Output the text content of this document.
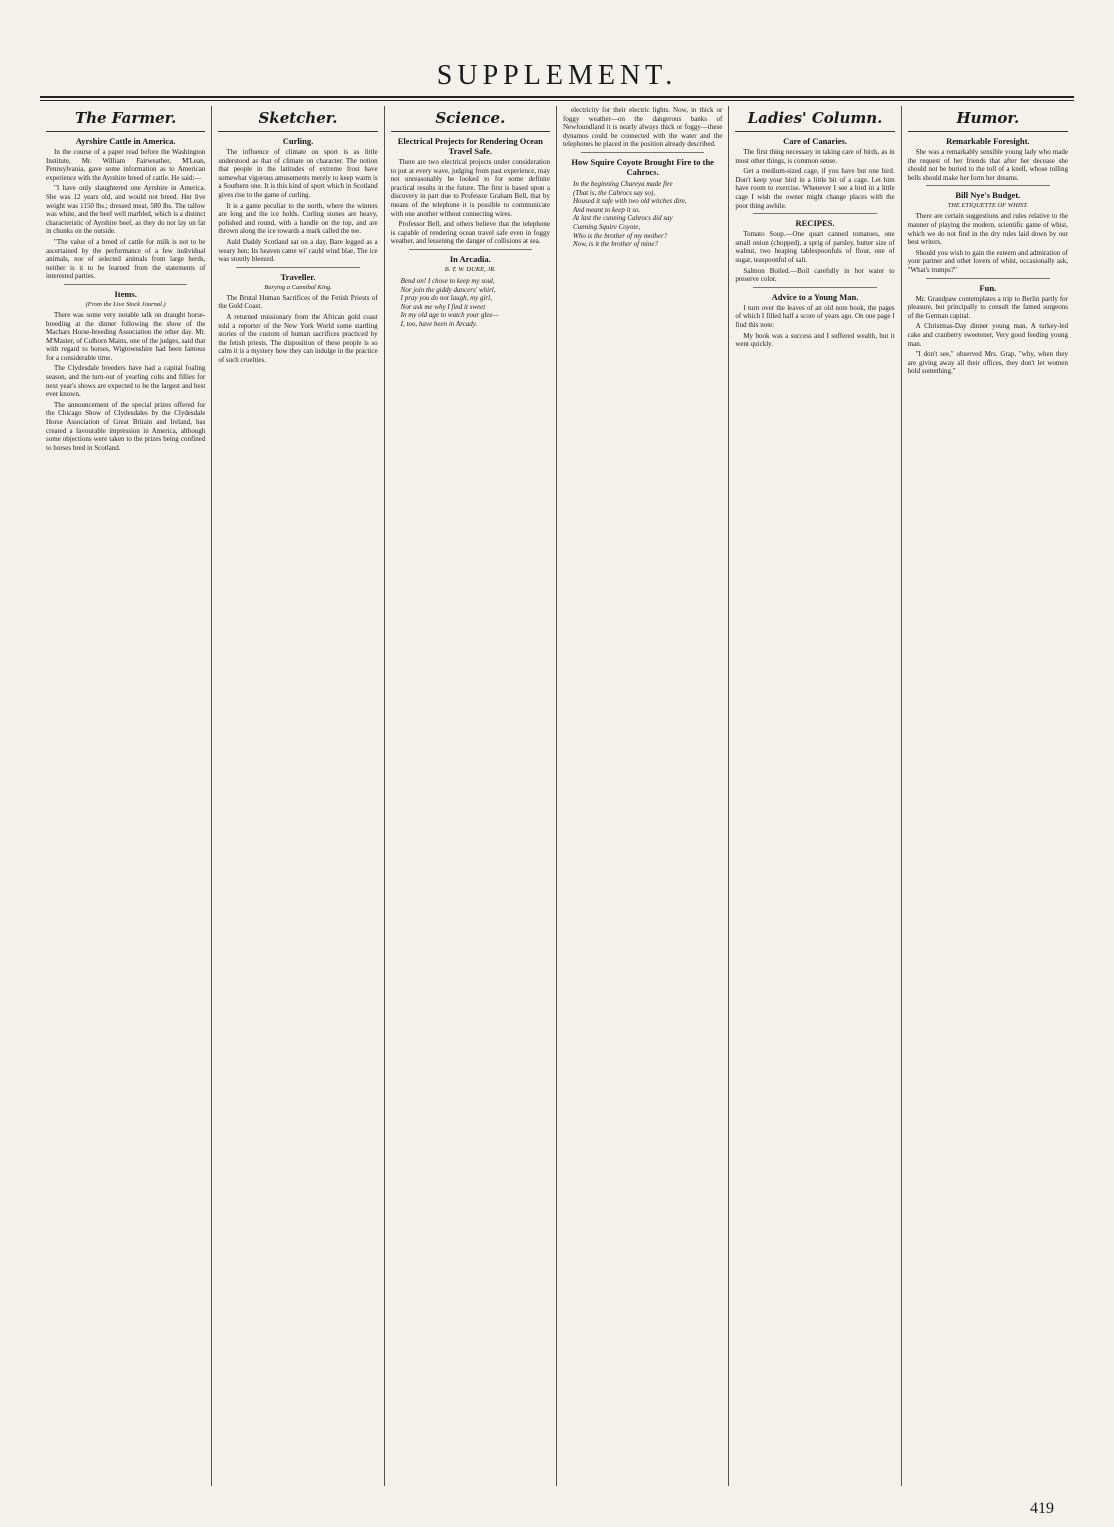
SUPPLEMENT.
The Farmer.
Ayrshire Cattle in America.

In the course of a paper read before the Washington Institute, Mr. William Fairweather, M'Lean, Pennsylvania, gave some information as to American experience with the Ayrshire breed of cattle. He said:—

"I have only slaughtered one Ayrshire in America. She was 12 years old, and would not breed. Her live weight was 1150 lbs.; dressed meat, 580 lbs. The tallow was white, and the beef well marbled, which is a distinct characteristic of Ayrshire beef, as they do not lay on fat in chunks on the outside.

"The value of a breed of cattle for milk is not to be ascertained by the performance of a few individual animals, nor of selected animals from large herds, neither is it to be learned from the statements of interested parties.

Items.
(From the Live Stock Journal.)

There was some very notable talk on draught horse-breeding at the dinner following the show of the Machars Horse-breeding Association the other day. Mr. M'Master, of Culhorn Mains, one of the judges, said that with regard to horses, Wigtownshire had been famous for a considerable time.

The Clydesdale breeders have had a capital foaling season, and the turn-out of yearling colts and fillies for next year's shows are expected to be the largest and best ever known.

The announcement of the special prizes offered for the Chicago Show of Clydesdales by the Clydesdale Horse Association of Great Britain and Ireland, has created a favourable impression in America, although some objections were taken to the prizes being confined to horses bred in Scotland.

Sketcher.
Curling.

The influence of climate on sport is as little understood as that of climate on character. The notion that people in the latitudes of extreme frost have somewhat vigorous amusements merely to keep warm is a Southern one. It is this kind of sport which in Scotland gives rise to the game of curling.

It is a game peculiar to the north, where the winters are long and the ice holds. Curling stones are heavy, polished and round, with a handle on the top, and are thrown along the ice towards a mark called the tee.

Auld Daddy Scotland sat on a day, Bare legged as a weary hen; Its heaven came wi' cauld wind blae, The ice was stoutly bleezed.

Traveller.
Burying a Cannibal King.

The Brutal Human Sacrifices of the Fetish Priests of the Gold Coast.

A returned missionary from the African gold coast told a reporter of the New York World some startling stories of the custom of human sacrifices practiced by the fetish priests. The disposition of these people is so calm it is a mystery how they can indulge in the practice of such cruelties.

Science.
Electrical Projects for Rendering Ocean Travel Safe.

There are two electrical projects under consideration to put at every wave, judging from past experience, may not unreasonably be looked to for some definite practical results in the future. The first is based upon a discovery in part due to Professor Graham Bell, that by means of the telephone it is possible to communicate with one another without connecting wires.

Professor Bell, and others believe that the telephone is capable of rendering ocean travel safe even in foggy weather, and lessening the danger of collisions at sea.

In Arcadia.
B. T. W. DUKE, JR.
Bend on! I chose to keep my soul,
Nor join the giddy dancers' whirl,
I pray you do not laugh, my girl,
Nor ask me why I find it sweet
In my old age to watch your glee—
I, too, have been in Arcady.

electricity for their electric lights. Now, in thick or foggy weather—on the dangerous banks of Newfoundland it is nearly always thick or foggy—these dynamos could be connected with the water and the telephones be placed in the position already described.

How Squire Coyote Brought Fire to the Cahrocs.
In the beginning Chareya made fire
(That is, the Cahrocs say so),
Housed it safe with two old witches dire,
And meant to keep it so.
At last the cunning Cahrocs did say
Cunning Squire Coyote,
Who is the brother of my mother?
Now, is it the brother of mine?
Ladies' Column.
Care of Canaries.

The first thing necessary in taking care of birds, as in most other things, is common sense.

Get a medium-sized cage, if you have but one bird. Don't keep your bird in a little bit of a cage. Let him have room to exercise. Whenever I see a bird in a little cage I wish the owner might change places with the poor thing awhile.

RECIPES.

Tomato Soup.—One quart canned tomatoes, one small onion (chopped), a sprig of parsley, butter size of walnut, two heaping tablespoonfuls of flour, one of sugar, teaspoonful of salt.

Salmon Boiled.—Boil carefully in hot water to preserve color.

Advice to a Young Man.

I turn over the leaves of an old note book, the pages of which I filled half a score of years ago. On one page I find this note:

My book was a success and I suffered wealth, but it went quickly.

Humor.
Remarkable Foresight.

She was a remarkably sensible young lady who made the request of her friends that after her decease she should not be buried to the toll of a knell, whose tolling bells should make her form her dreams.

Bill Nye's Budget.
THE ETIQUETTE OF WHIST.

There are certain suggestions and rules relative to the manner of playing the modern, scientific game of whist, which we do not find in the dry rules laid down by our best writers.

Should you wish to gain the esteem and admiration of your partner and other lovers of whist, occasionally ask, "What's trumps?"

Fun.

Mr. Grandpaw contemplates a trip to Berlin partly for pleasure, but principally to consult the famed surgeons of the German capital.

A Christmas-Day dinner young man, A turkey-led cake and cranberry sweetener, Very good feeding young man.

"I don't see," observed Mrs. Grap, "why, when they are giving away all their offices, they don't let women hold something."

419
